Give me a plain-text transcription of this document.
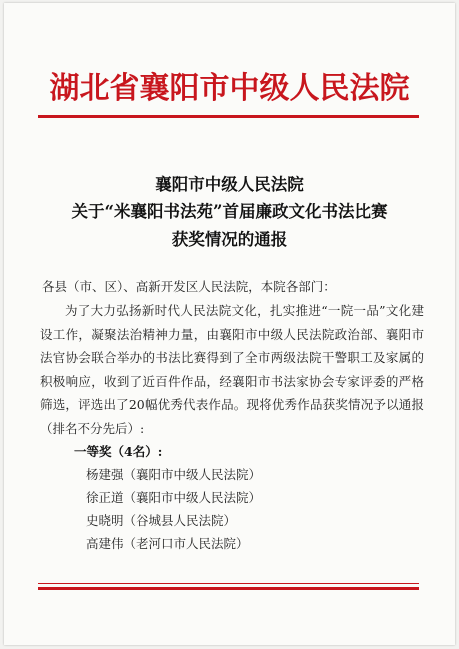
湖北省襄阳市中级人民法院
襄阳市中级人民法院
关于“米襄阳书法苑”首届廉政文化书法比赛
获奖情况的通报
各县（市、区）、高新开发区人民法院，本院各部门：
为了大力弘扬新时代人民法院文化，扎实推进“一院一品”文化建设工作，凝聚法治精神力量，由襄阳市中级人民法院政治部、襄阳市法官协会联合举办的书法比赛得到了全市两级法院干警职工及家属的积极响应，收到了近百件作品，经襄阳市书法家协会专家评委的严格筛选，评选出了20幅优秀代表作品。现将优秀作品获奖情况予以通报（排名不分先后）:
一等奖（4名）:
杨建强（襄阳市中级人民法院）
徐正道（襄阳市中级人民法院）
史晓明（谷城县人民法院）
高建伟（老河口市人民法院）
